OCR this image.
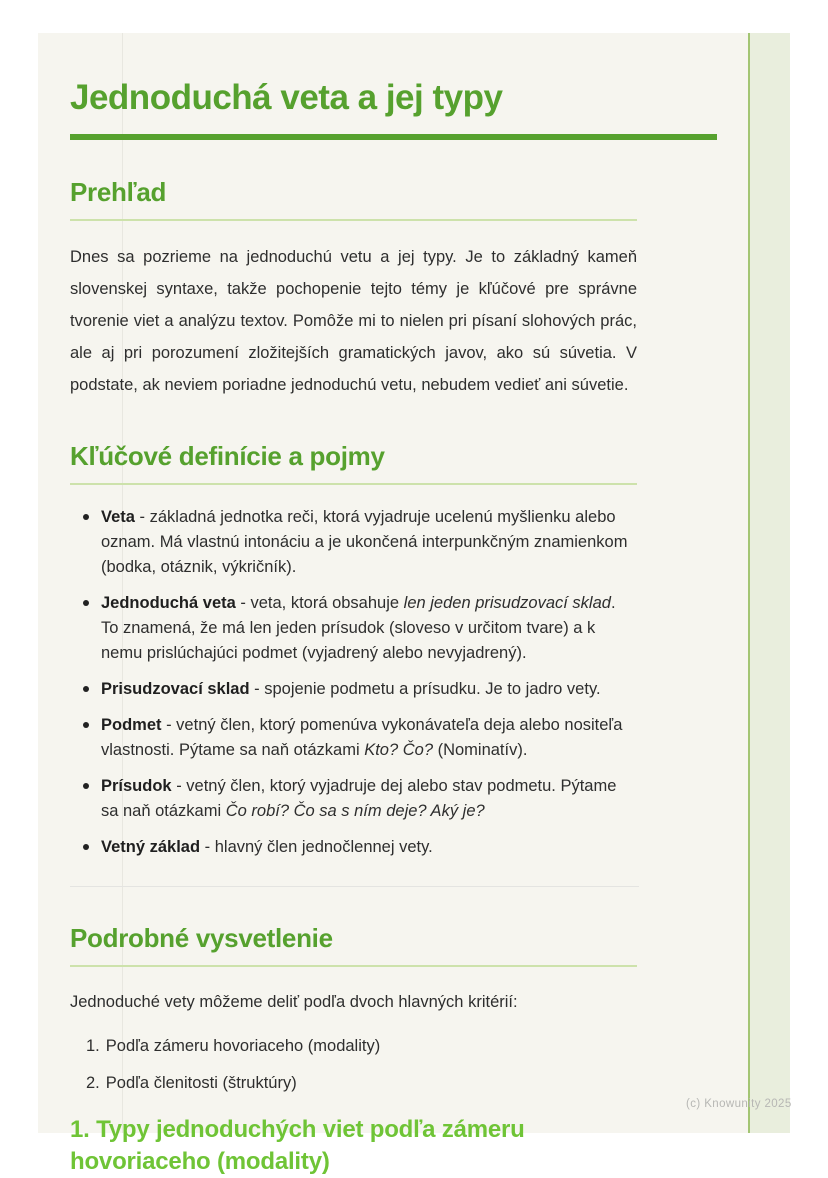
Jednoduchá veta a jej typy
Prehľad

Dnes sa pozrieme na jednoduchú vetu a jej typy. Je to základný kameň slovenskej syntaxe, takže pochopenie tejto témy je kľúčové pre správne tvorenie viet a analýzu textov. Pomôže mi to nielen pri písaní slohových prác, ale aj pri porozumení zložitejších gramatických javov, ako sú súvetia. V podstate, ak neviem poriadne jednoduchú vetu, nebudem vedieť ani súvetie.

Kľúčové definície a pojmy
Veta - základná jednotka reči, ktorá vyjadruje ucelenú myšlienku alebo oznam. Má vlastnú intonáciu a je ukončená interpunkčným znamienkom (bodka, otáznik, výkričník).
Jednoduchá veta - veta, ktorá obsahuje len jeden prisudzovací sklad. To znamená, že má len jeden prísudok (sloveso v určitom tvare) a k nemu prislúchajúci podmet (vyjadrený alebo nevyjadrený).
Prisudzovací sklad - spojenie podmetu a prísudku. Je to jadro vety.
Podmet - vetný člen, ktorý pomenúva vykonávateľa deja alebo nositeľa vlastnosti. Pýtame sa naň otázkami Kto? Čo? (Nominatív).
Prísudok - vetný člen, ktorý vyjadruje dej alebo stav podmetu. Pýtame sa naň otázkami Čo robí? Čo sa s ním deje? Aký je?
Vetný základ - hlavný člen jednočlennej vety.
Podrobné vysvetlenie

Jednoduché vety môžeme deliť podľa dvoch hlavných kritérií:

1. Podľa zámeru hovoriaceho (modality)
2. Podľa členitosti (štruktúry)
1. Typy jednoduchých viet podľa zámeru hovoriaceho (modality)
(c) Knowunity 2025
